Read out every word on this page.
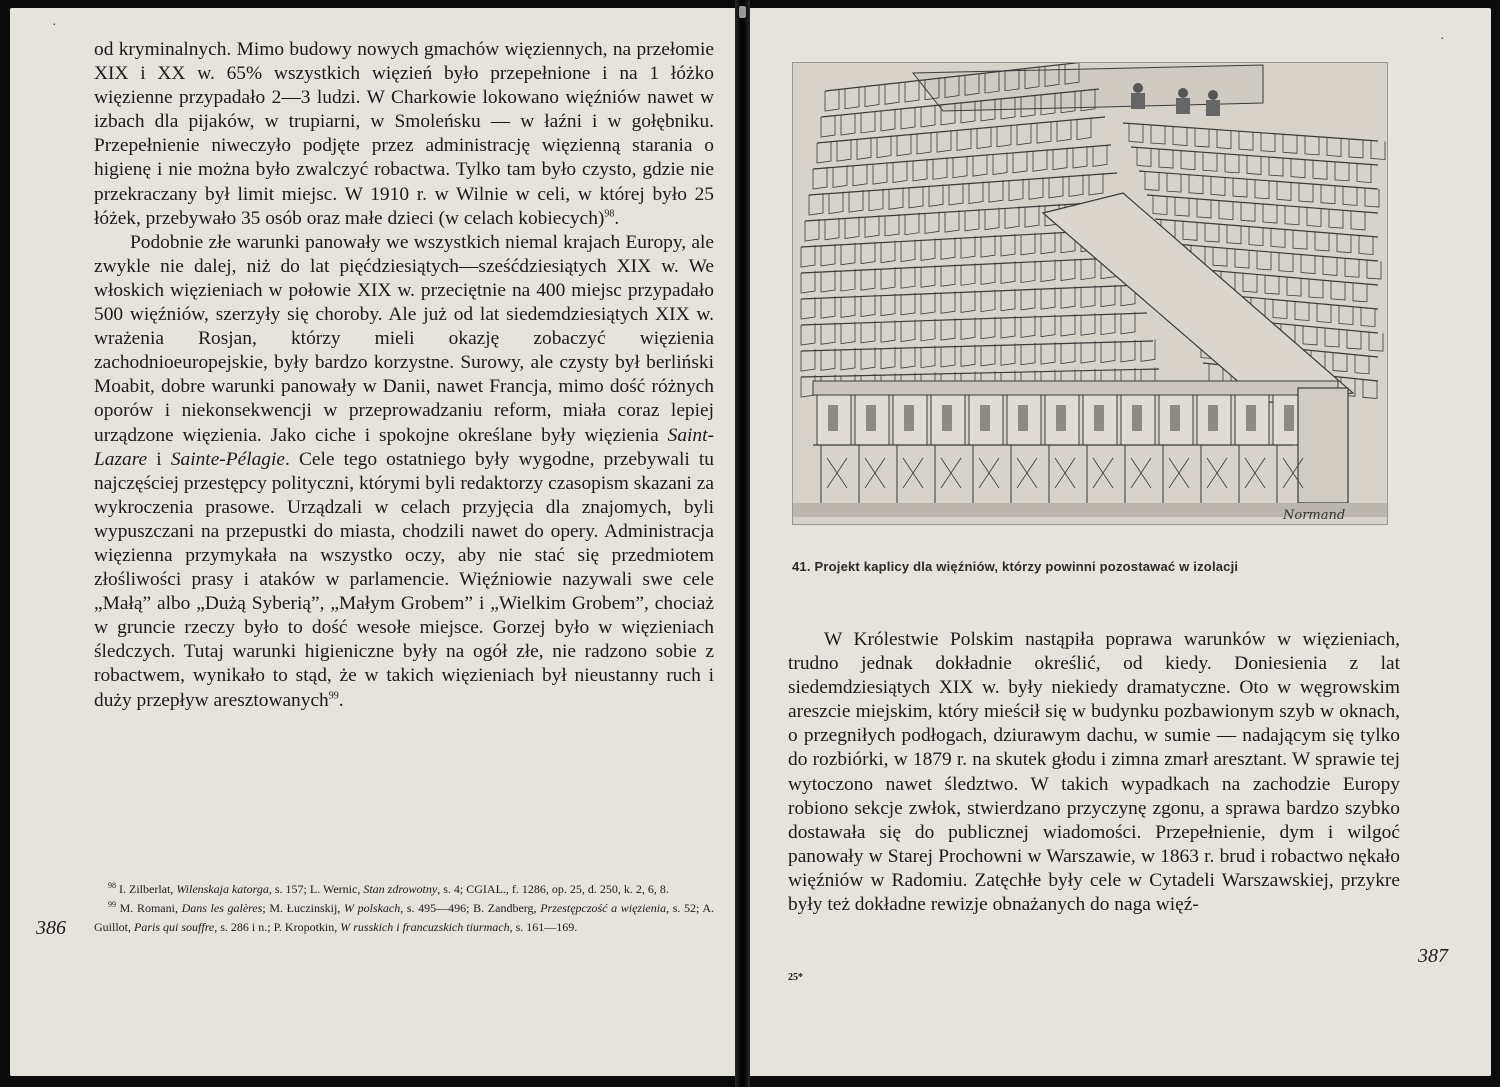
·
·

od kryminalnych. Mimo budowy nowych gmachów więziennych, na przełomie XIX i XX w. 65% wszystkich więzień było przepełnione i na 1 łóżko więzienne przypadało 2—3 ludzi. W Charkowie lokowano więźniów nawet w izbach dla pijaków, w trupiarni, w Smoleńsku — w łaźni i w gołębniku. Przepełnienie niweczyło podjęte przez administrację więzienną starania o higienę i nie można było zwalczyć robactwa. Tylko tam było czysto, gdzie nie przekraczany był limit miejsc. W 1910 r. w Wilnie w celi, w której było 25 łóżek, przebywało 35 osób oraz małe dzieci (w celach kobiecych)$^{98}$.

Podobnie złe warunki panowały we wszystkich niemal krajach Europy, ale zwykle nie dalej, niż do lat pięćdziesiątych—sześćdziesiątych XIX w. We włoskich więzieniach w połowie XIX w. przeciętnie na 400 miejsc przypadało 500 więźniów, szerzyły się choroby. Ale już od lat siedemdziesiątych XIX w. wrażenia Rosjan, którzy mieli okazję zobaczyć więzienia zachodnioeuropejskie, były bardzo korzystne. Surowy, ale czysty był berliński Moabit, dobre warunki panowały w Danii, nawet Francja, mimo dość różnych oporów i niekonsekwencji w przeprowadzaniu reform, miała coraz lepiej urządzone więzienia. Jako ciche i spokojne określane były więzienia Saint-Lazare i Sainte-Pélagie. Cele tego ostatniego były wygodne, przebywali tu najczęściej przestępcy polityczni, którymi byli redaktorzy czasopism skazani za wykroczenia prasowe. Urządzali w celach przyjęcia dla znajomych, byli wypuszczani na przepustki do miasta, chodzili nawet do opery. Administracja więzienna przymykała na wszystko oczy, aby nie stać się przedmiotem złośliwości prasy i ataków w parlamencie. Więźniowie nazywali swe cele „Małą” albo „Dużą Syberią”, „Małym Grobem” i „Wielkim Grobem”, chociaż w gruncie rzeczy było to dość wesołe miejsce. Gorzej było w więzieniach śledczych. Tutaj warunki higieniczne były na ogół złe, nie radzono sobie z robactwem, wynikało to stąd, że w takich więzieniach był nieustanny ruch i duży przepływ aresztowanych$^{99}$.

$^{98}$ I. Zilberlat, Wilenskaja katorga, s. 157; L. Wernic, Stan zdrowotny, s. 4; CGIAL., f. 1286, op. 25, d. 250, k. 2, 6, 8.

$^{99}$ M. Romani, Dans les galères; M. Łuczinskij, W polskach, s. 495—496; B. Zandberg, Przestępczość a więzienia, s. 52; A. Guillot, Paris qui souffre, s. 286 i n.; P. Kropotkin, W russkich i francuzskich tiurmach, s. 161—169.

386
Normand
41. Projekt kaplicy dla więźniów, którzy powinni pozostawać w izolacji

W Królestwie Polskim nastąpiła poprawa warunków w więzieniach, trudno jednak dokładnie określić, od kiedy. Doniesienia z lat siedemdziesiątych XIX w. były niekiedy dramatyczne. Oto w węgrowskim areszcie miejskim, który mieścił się w budynku pozbawionym szyb w oknach, o przegniłych podłogach, dziurawym dachu, w sumie — nadającym się tylko do rozbiórki, w 1879 r. na skutek głodu i zimna zmarł aresztant. W sprawie tej wytoczono nawet śledztwo. W takich wypadkach na zachodzie Europy robiono sekcje zwłok, stwierdzano przyczynę zgonu, a sprawa bardzo szybko dostawała się do publicznej wiadomości. Przepełnienie, dym i wilgoć panowały w Starej Prochowni w Warszawie, w 1863 r. brud i robactwo nękało więźniów w Radomiu. Zatęchłe były cele w Cytadeli Warszawskiej, przykre były też dokładne rewizje obnażanych do naga więź-

25*
387
